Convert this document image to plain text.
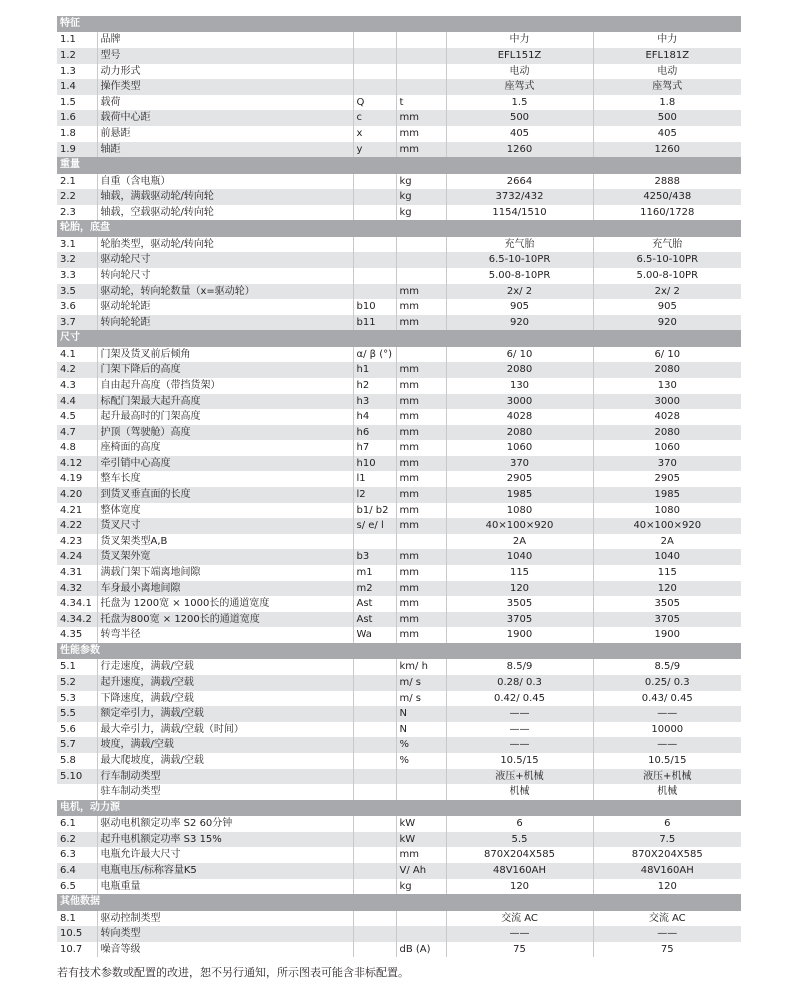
特征					
1.1	品牌			中力	中力
1.2	型号			EFL151Z	EFL181Z
1.3	动力形式			电动	电动
1.4	操作类型			座驾式	座驾式
1.5	载荷	Q	t	1.5	1.8
1.6	载荷中心距	c	mm	500	500
1.8	前悬距	x	mm	405	405
1.9	轴距	y	mm	1260	1260
重量					
2.1	自重（含电瓶）		kg	2664	2888
2.2	轴载，满载驱动轮/转向轮		kg	3732/432	4250/438
2.3	轴载，空载驱动轮/转向轮		kg	1154/1510	1160/1728
轮胎，底盘					
3.1	轮胎类型，驱动轮/转向轮			充气胎	充气胎
3.2	驱动轮尺寸			6.5-10-10PR	6.5-10-10PR
3.3	转向轮尺寸			5.00-8-10PR	5.00-8-10PR
3.5	驱动轮，转向轮数量（x=驱动轮）		mm	2x/ 2	2x/ 2
3.6	驱动轮轮距	b10	mm	905	905
3.7	转向轮轮距	b11	mm	920	920
尺寸					
4.1	门架及货叉前后倾角	α/ β (°)		6/ 10	6/ 10
4.2	门架下降后的高度	h1	mm	2080	2080
4.3	自由起升高度（带挡货架）	h2	mm	130	130
4.4	标配门架最大起升高度	h3	mm	3000	3000
4.5	起升最高时的门架高度	h4	mm	4028	4028
4.7	护顶（驾驶舱）高度	h6	mm	2080	2080
4.8	座椅面的高度	h7	mm	1060	1060
4.12	牵引销中心高度	h10	mm	370	370
4.19	整车长度	l1	mm	2905	2905
4.20	到货叉垂直面的长度	l2	mm	1985	1985
4.21	整体宽度	b1/ b2	mm	1080	1080
4.22	货叉尺寸	s/ e/ l	mm	40×100×920	40×100×920
4.23	货叉架类型A,B			2A	2A
4.24	货叉架外宽	b3	mm	1040	1040
4.31	满载门架下端离地间隙	m1	mm	115	115
4.32	车身最小离地间隙	m2	mm	120	120
4.34.1	托盘为 1200宽 × 1000长的通道宽度	Ast	mm	3505	3505
4.34.2	托盘为800宽 × 1200长的通道宽度	Ast	mm	3705	3705
4.35	转弯半径	Wa	mm	1900	1900
性能参数					
5.1	行走速度，满载/空载		km/ h	8.5/9	8.5/9
5.2	起升速度，满载/空载		m/ s	0.28/ 0.3	0.25/ 0.3
5.3	下降速度，满载/空载		m/ s	0.42/ 0.45	0.43/ 0.45
5.5	额定牵引力，满载/空载		N	——	——
5.6	最大牵引力，满载/空载（时间）		N	——	10000
5.7	坡度，满载/空载		%	——	——
5.8	最大爬坡度，满载/空载		%	10.5/15	10.5/15
5.10	行车制动类型			液压+机械	液压+机械
	驻车制动类型			机械	机械
电机，动力源					
6.1	驱动电机额定功率 S2 60分钟		kW	6	6
6.2	起升电机额定功率 S3 15%		kW	5.5	7.5
6.3	电瓶允许最大尺寸		mm	870X204X585	870X204X585
6.4	电瓶电压/标称容量K5		V/ Ah	48V160AH	48V160AH
6.5	电瓶重量		kg	120	120
其他数据					
8.1	驱动控制类型			交流 AC	交流 AC
10.5	转向类型			——	——
10.7	噪音等级		dB (A)	75	75
若有技术参数或配置的改进，恕不另行通知，所示图表可能含非标配置。
